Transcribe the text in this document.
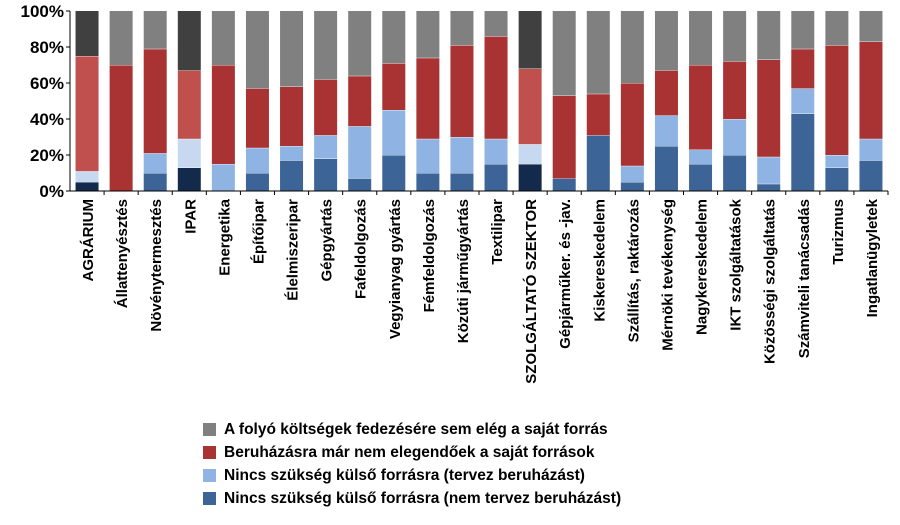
0%
20%
40%
60%
80%
100%
AGRÁRIUM Állattenyésztés Növénytermesztés IPAR Energetika Építőipar Élelmiszeripar Gépgyártás Fafeldolgozás Vegyianyag gyártás Fémfeldolgozás Közúti járműgyártás Textilipar SZOLGÁLTATÓ SZEKTOR Gépjárműker. és -jav. Kiskereskedelem Szállítás, raktározás Mérnöki tevékenység Nagykereskedelem IKT szolgáltatások Közösségi szolgáltatás Számviteli tanácsadás Turizmus Ingatlanügyletek
A folyó költségek fedezésére sem elég a saját forrás
Beruházásra már nem elegendőek a saját források
Nincs szükség külső forrásra (tervez beruházást)
Nincs szükség külső forrásra (nem tervez beruházást)
